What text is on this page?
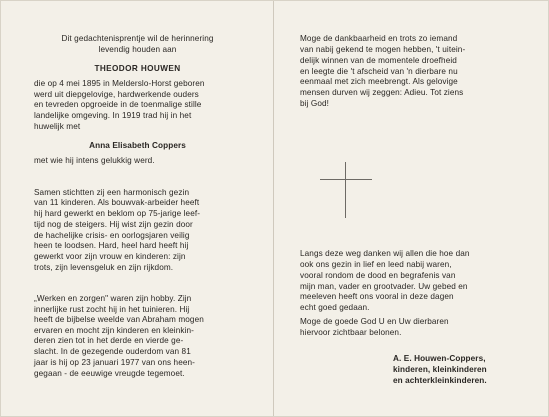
Dit gedachtenisprentje wil de herinnering
levendig houden aan
THEODOR HOUWEN
die op 4 mei 1895 in Melderslo-Horst geboren
werd uit diepgelovige, hardwerkende ouders
en tevreden opgroeide in de toenmalige stille
landelijke omgeving. In 1919 trad hij in het
huwelijk met
Anna Elisabeth Coppers
met wie hij intens gelukkig werd.
Samen stichtten zij een harmonisch gezin
van 11 kinderen. Als bouwvak-arbeider heeft
hij hard gewerkt en beklom op 75-jarige leef-
tijd nog de steigers. Hij wist zijn gezin door
de hachelijke crisis- en oorlogsjaren veilig
heen te loodsen. Hard, heel hard heeft hij
gewerkt voor zijn vrouw en kinderen: zijn
trots, zijn levensgeluk en zijn rijkdom.
„Werken en zorgen" waren zijn hobby. Zijn
innerlijke rust zocht hij in het tuinieren. Hij
heeft de bijbelse weelde van Abraham mogen
ervaren en mocht zijn kinderen en kleinkin-
deren zien tot in het derde en vierde ge-
slacht. In de gezegende ouderdom van 81
jaar is hij op 23 januari 1977 van ons heen-
gegaan - de eeuwige vreugde tegemoet.
Moge de dankbaarheid en trots zo iemand
van nabij gekend te mogen hebben, 't uitein-
delijk winnen van de momentele droefheid
en leegte die 't afscheid van 'n dierbare nu
eenmaal met zich meebrengt. Als gelovige
mensen durven wij zeggen: Adieu. Tot ziens
bij God!
Langs deze weg danken wij allen die hoe dan
ook ons gezin in lief en leed nabij waren,
vooral rondom de dood en begrafenis van
mijn man, vader en grootvader. Uw gebed en
meeleven heeft ons vooral in deze dagen
echt goed gedaan.
Moge de goede God U en Uw dierbaren
hiervoor zichtbaar belonen.
A. E. Houwen-Coppers,
kinderen, kleinkinderen
en achterkleinkinderen.
